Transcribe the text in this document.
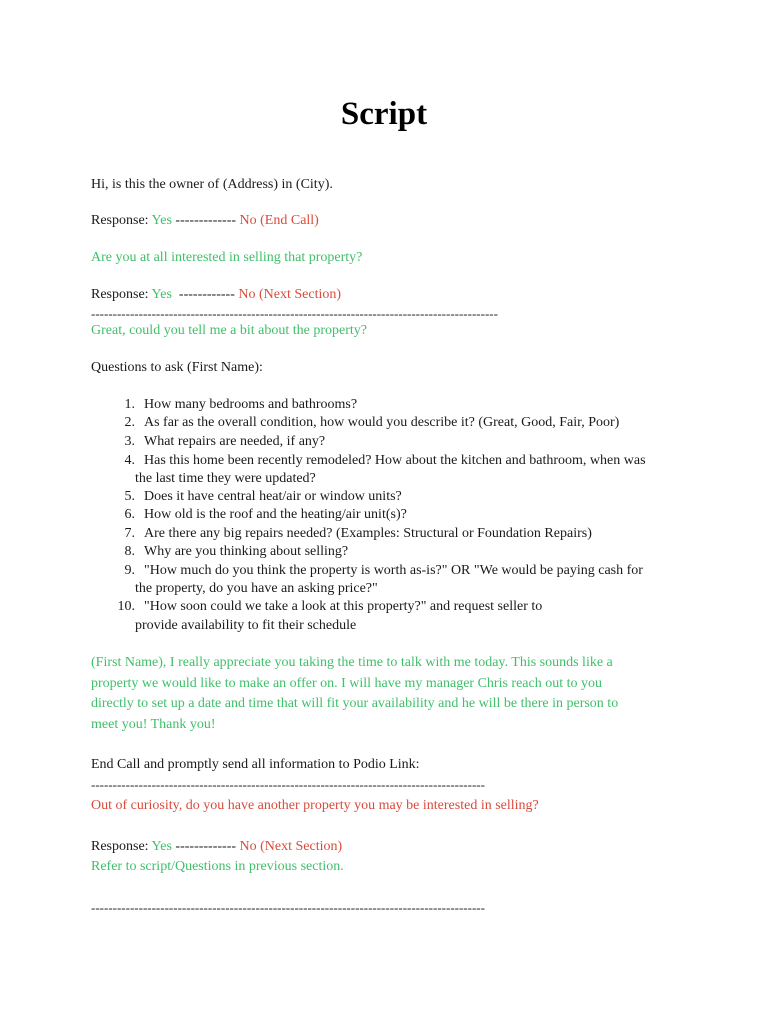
Script
Hi, is this the owner of (Address) in (City).
Response: Yes ------------- No (End Call)
Are you at all interested in selling that property?
Response: Yes  ------------ No (Next Section)
----------------------------------------------------------------------------------------------
Great, could you tell me a bit about the property?
Questions to ask (First Name):
1. How many bedrooms and bathrooms?
2. As far as the overall condition, how would you describe it? (Great, Good, Fair, Poor)
3. What repairs are needed, if any?
4. Has this home been recently remodeled? How about the kitchen and bathroom, when was
the last time they were updated?
5. Does it have central heat/air or window units?
6. How old is the roof and the heating/air unit(s)?
7. Are there any big repairs needed? (Examples: Structural or Foundation Repairs)
8. Why are you thinking about selling?
9. "How much do you think the property is worth as-is?" OR "We would be paying cash for
the property, do you have an asking price?"
10. "How soon could we take a look at this property?" and request seller to
provide availability to fit their schedule
(First Name), I really appreciate you taking the time to talk with me today. This sounds like a
property we would like to make an offer on. I will have my manager Chris reach out to you
directly to set up a date and time that will fit your availability and he will be there in person to
meet you! Thank you!
End Call and promptly send all information to Podio Link:
-------------------------------------------------------------------------------------------
Out of curiosity, do you have another property you may be interested in selling?
Response: Yes ------------- No (Next Section)
Refer to script/Questions in previous section.
-------------------------------------------------------------------------------------------
